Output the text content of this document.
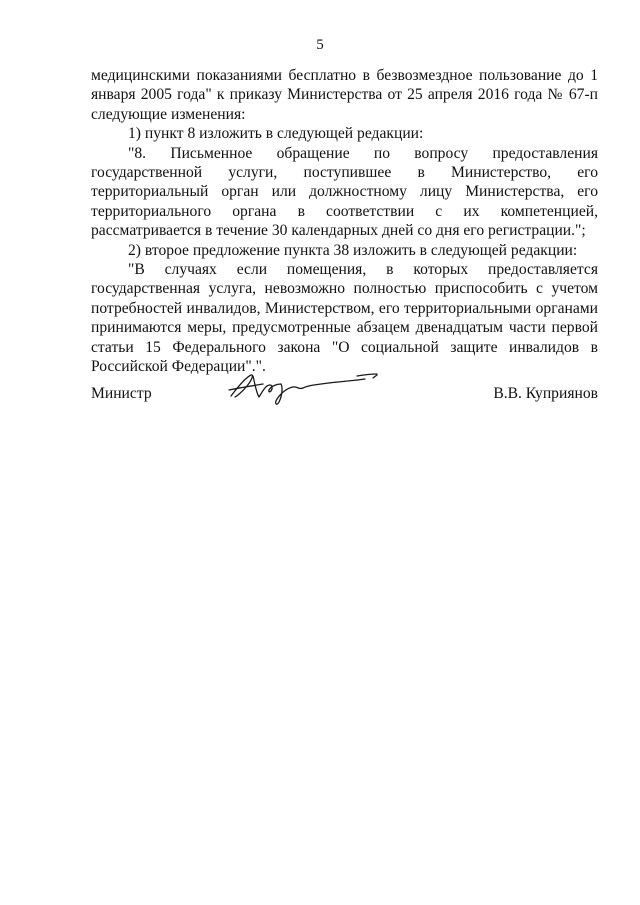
5

медицинскими показаниями бесплатно в безвозмездное пользование до 1 января 2005 года" к приказу Министерства от 25 апреля 2016 года № 67-п следующие изменения:

1) пункт 8 изложить в следующей редакции:

"8. Письменное обращение по вопросу предоставления государственной услуги, поступившее в Министерство, его территориальный орган или должностному лицу Министерства, его территориального органа в соответствии с их компетенцией, рассматривается в течение 30 календарных дней со дня его регистрации.";

2) второе предложение пункта 38 изложить в следующей редакции:

"В случаях если помещения, в которых предоставляется государственная услуга, невозможно полностью приспособить с учетом потребностей инвалидов, Министерством, его территориальными органами принимаются меры, предусмотренные абзацем двенадцатым части первой статьи 15 Федерального закона "О социальной защите инвалидов в Российской Федерации".".

Министр	В.В. Куприянов
